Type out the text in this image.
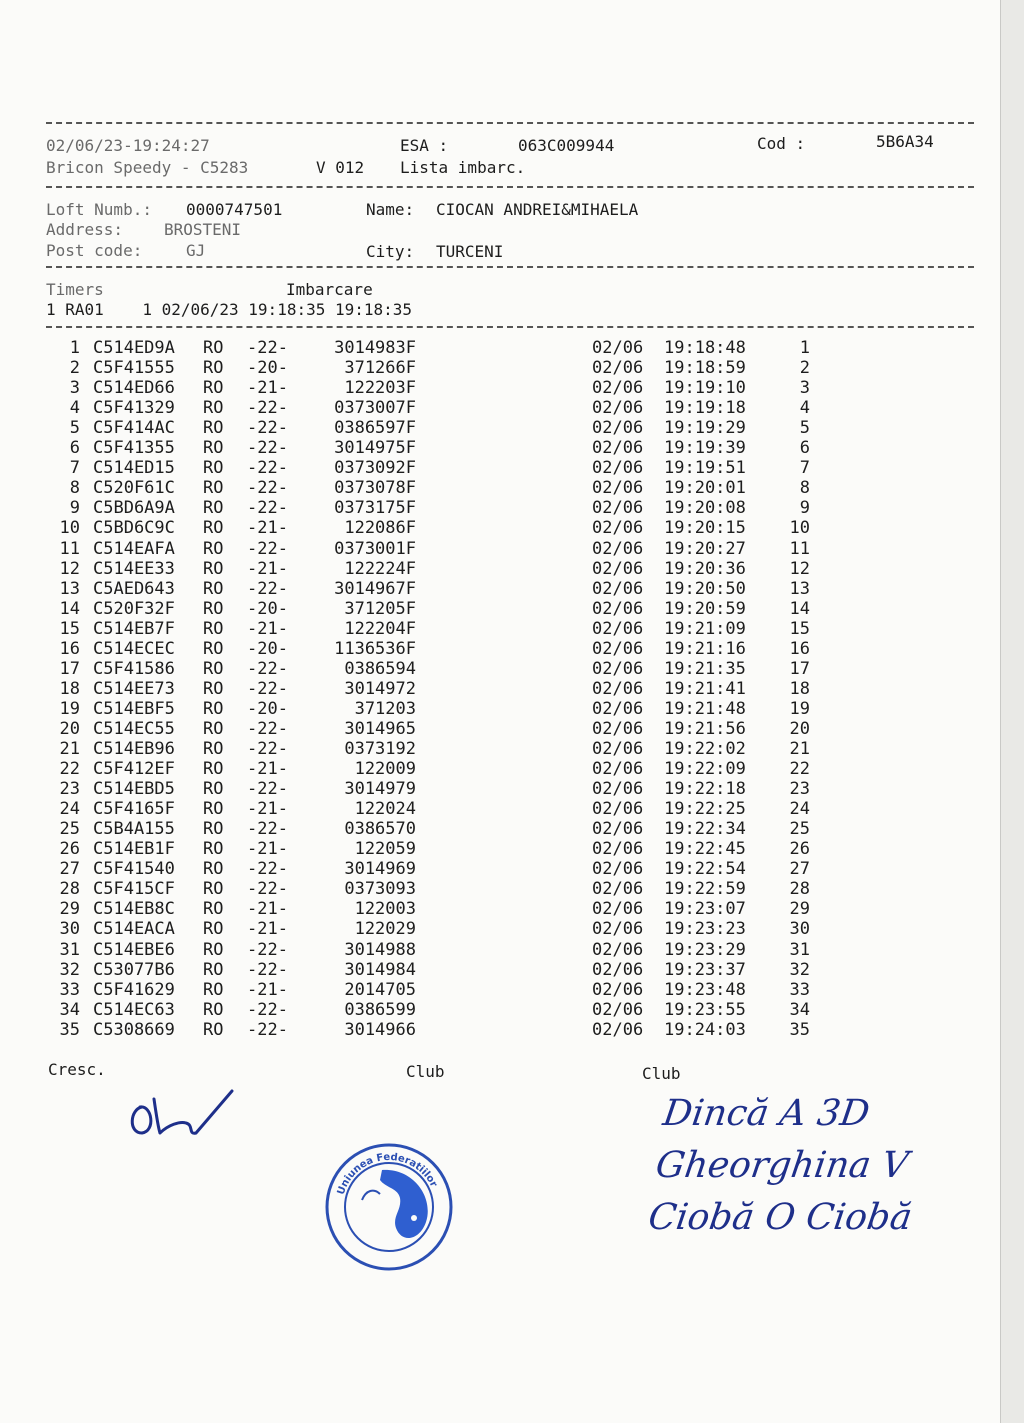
02/06/23-19:24:27	ESA :	063C009944	Cod :	5B6A34
Bricon Speedy - C5283	V 012 Lista imbarc.
Loft Numb.: 0000747501	Name: CIOCAN ANDREI&MIHAELA
Address:	BROSTENI
Post code:	GJ	City: TURCENI
Timers	Imbarcare
1 RA01    1 02/06/23 19:18:35 19:18:35
1 C514ED9A RO -22-	3014983F	02/06 19:18:48	1
2 C5F41555 RO -20-	371266F	02/06 19:18:59	2
3 C514ED66 RO -21-	122203F	02/06 19:19:10	3
4 C5F41329 RO -22-	0373007F	02/06 19:19:18	4
5 C5F414AC RO -22-	0386597F	02/06 19:19:29	5
6 C5F41355 RO -22-	3014975F	02/06 19:19:39	6
7 C514ED15 RO -22-	0373092F	02/06 19:19:51	7
8 C520F61C RO -22-	0373078F	02/06 19:20:01	8
9 C5BD6A9A RO -22-	0373175F	02/06 19:20:08	9
10 C5BD6C9C RO -21-	122086F	02/06 19:20:15	10
11 C514EAFA RO -22-	0373001F	02/06 19:20:27	11
12 C514EE33 RO -21-	122224F	02/06 19:20:36	12
13 C5AED643 RO -22-	3014967F	02/06 19:20:50	13
14 C520F32F RO -20-	371205F	02/06 19:20:59	14
15 C514EB7F RO -21-	122204F	02/06 19:21:09	15
16 C514ECEC RO -20-	1136536F	02/06 19:21:16	16
17 C5F41586 RO -22-	0386594	02/06 19:21:35	17
18 C514EE73 RO -22-	3014972	02/06 19:21:41	18
19 C514EBF5 RO -20-	371203	02/06 19:21:48	19
20 C514EC55 RO -22-	3014965	02/06 19:21:56	20
21 C514EB96 RO -22-	0373192	02/06 19:22:02	21
22 C5F412EF RO -21-	122009	02/06 19:22:09	22
23 C514EBD5 RO -22-	3014979	02/06 19:22:18	23
24 C5F4165F RO -21-	122024	02/06 19:22:25	24
25 C5B4A155 RO -22-	0386570	02/06 19:22:34	25
26 C514EB1F RO -21-	122059	02/06 19:22:45	26
27 C5F41540 RO -22-	3014969	02/06 19:22:54	27
28 C5F415CF RO -22-	0373093	02/06 19:22:59	28
29 C514EB8C RO -21-	122003	02/06 19:23:07	29
30 C514EACA RO -21-	122029	02/06 19:23:23	30
31 C514EBE6 RO -22-	3014988	02/06 19:23:29	31
32 C53077B6 RO -22-	3014984	02/06 19:23:37	32
33 C5F41629 RO -21-	2014705	02/06 19:23:48	33
34 C514EC63 RO -22-	0386599	02/06 19:23:55	34
35 C5308669 RO -22-	3014966	02/06 19:24:03	35
Cresc.	Club	Club
Uniunea Federatiilor
Dincă A 3D
Gheorghina V
Ciobă O Ciobă
